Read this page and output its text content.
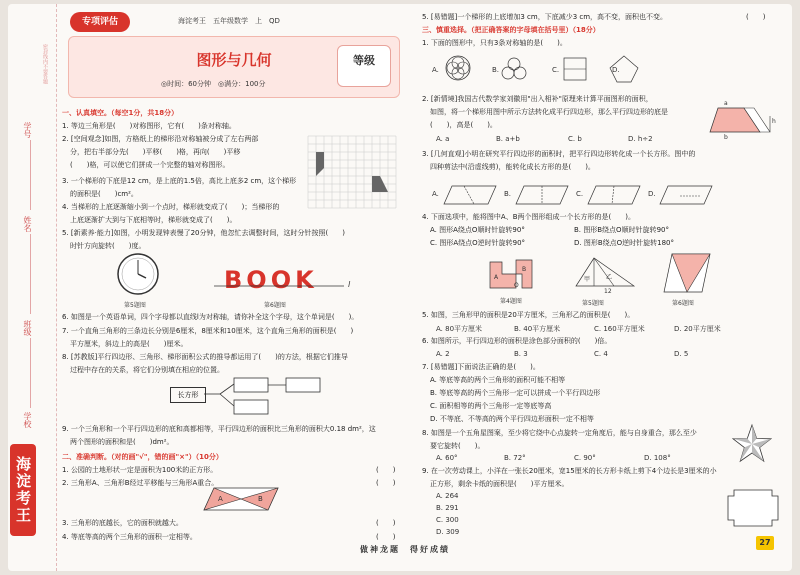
学号
姓名
班级
学校
密封线内不要答题
海淀考王
专项评估	海淀考王　五年级数学　上　QD
图形与几何
◎时间：60分钟　◎满分：100分
等级
一、认真填空。（每空1分，共18分）
1. 等边三角形是(　　)对称图形，它有(　　)条对称轴。
2. [空间观念]如图，方格纸上的梯形沿对称轴被分成了左右两部
分，把右半部分先(　　)平移(　　)格，再向(　　)平移
(　　)格，可以使它们拼成一个完整的轴对称图形。
3. 一个梯形的下底是12 cm，是上底的1.5倍，高比上底多2 cm，这个梯形
的面积是(　　)cm²。
4. 当梯形的上底逐渐缩小到一个点时，梯形就变成了(　　)；当梯形的
上底逐渐扩大到与下底相等时，梯形就变成了(　　)。
5. [新素养·能力]如图，小明发现钟表慢了20分钟，他忽忙去调整时间，这时分针按照(　　)
时针方向旋转(　　)度。
第5题图
BOOK	l
第6题图
6. 如图是一个英语单词，四个字母都以直线l为对称轴，请你补全这个字母，这个单词是(　　)。
7. 一个直角三角形的三条边长分别是6厘米，8厘米和10厘米，这个直角三角形的面积是(　　)
平方厘米，斜边上的高是(　　)厘米。
8. [苏教版]平行四边形、三角形、梯形面积公式的推导都运用了(　　)的方法，根据它们推导
过程中存在的关系，将它们分别填在相应的位置。
长方形
9. 一个三角形和一个平行四边形的底和高都相等，平行四边形的面积比三角形的面积大0.18 dm²，这
两个图形的面积和是(　　)dm²。
二、准确判断。（对的画"√"，错的画"×"）（10分）
1. 公园的土地形状一定是面积为100米的正方形。	(　　)
2. 三角形A、三角形B经过平移能与三角形A重合。	(　　)
A	B
3. 三角形的底越长，它的面积就越大。	(　　)
4. 等底等高的两个三角形的面积一定相等。	(　　)
5. [易错题]一个梯形的上底增加3 cm，下底减少3 cm，高不变，面积也不变。	(　　)
三、慎重选择。（把正确答案的字母填在括号里）（18分）
1. 下面的图形中，只有3条对称轴的是(　　)。
A.	B.	C.	D.
2. [新情境]我国古代数学家刘徽用"出入相补"原理来计算平面图形的面积，
如图，将一个梯形用图中所示方法转化成平行四边形，那么平行四边形的底是
(　　)，高是(　　)。
A. a	B. a+b	C. b	D. h÷2
a
b
h
3. [几何直观]小明在研究平行四边形的面积时，把平行四边形转化成一个长方形。图中的
四种剪法中(沿虚线剪)，能转化成长方形的是(　　)。
A.	B.	C.	D.
4. 下面选项中，能将图中A、B两个图形组成一个长方形的是(　　)。
A. 图形A绕点O顺时针旋转90°	B. 图形B绕点O顺时针旋转90°
C. 图形A绕点O逆时针旋转90°	D. 图形B绕点O逆时针旋转180°
A
B
O
第4题图
甲	乙
12
第5题图	第6题图
5. 如图，三角形甲的面积是20平方厘米，三角形乙的面积是(　　)。
A. 80平方厘米	B. 40平方厘米	C. 160平方厘米	D. 20平方厘米
6. 如图所示，平行四边形的面积是涂色部分面积的(　　)倍。
A. 2	B. 3	C. 4	D. 5
7. [易错题]下面说法正确的是(　　)。
A. 等底等高的两个三角形的面积可能不相等
B. 等底等高的两个三角形一定可以拼成一个平行四边形
C. 面积相等的两个三角形一定等底等高
D. 不等底、不等高的两个平行四边形面积一定不相等
8. 如图是一个五角星图案，至少将它绕中心点旋转一定角度后，能与自身重合，那么至少
要它旋转(　　)。
A. 60°	B. 72°	C. 90°	D. 108°
9. 在一次劳动课上，小洋在一张长20厘米，宽15厘米的长方形卡纸上剪下4个边长是3厘米的小
正方形，剩余卡纸的面积是(　　)平方厘米。
A. 264
B. 291
C. 300
D. 309
做神龙题　得好成绩
27
